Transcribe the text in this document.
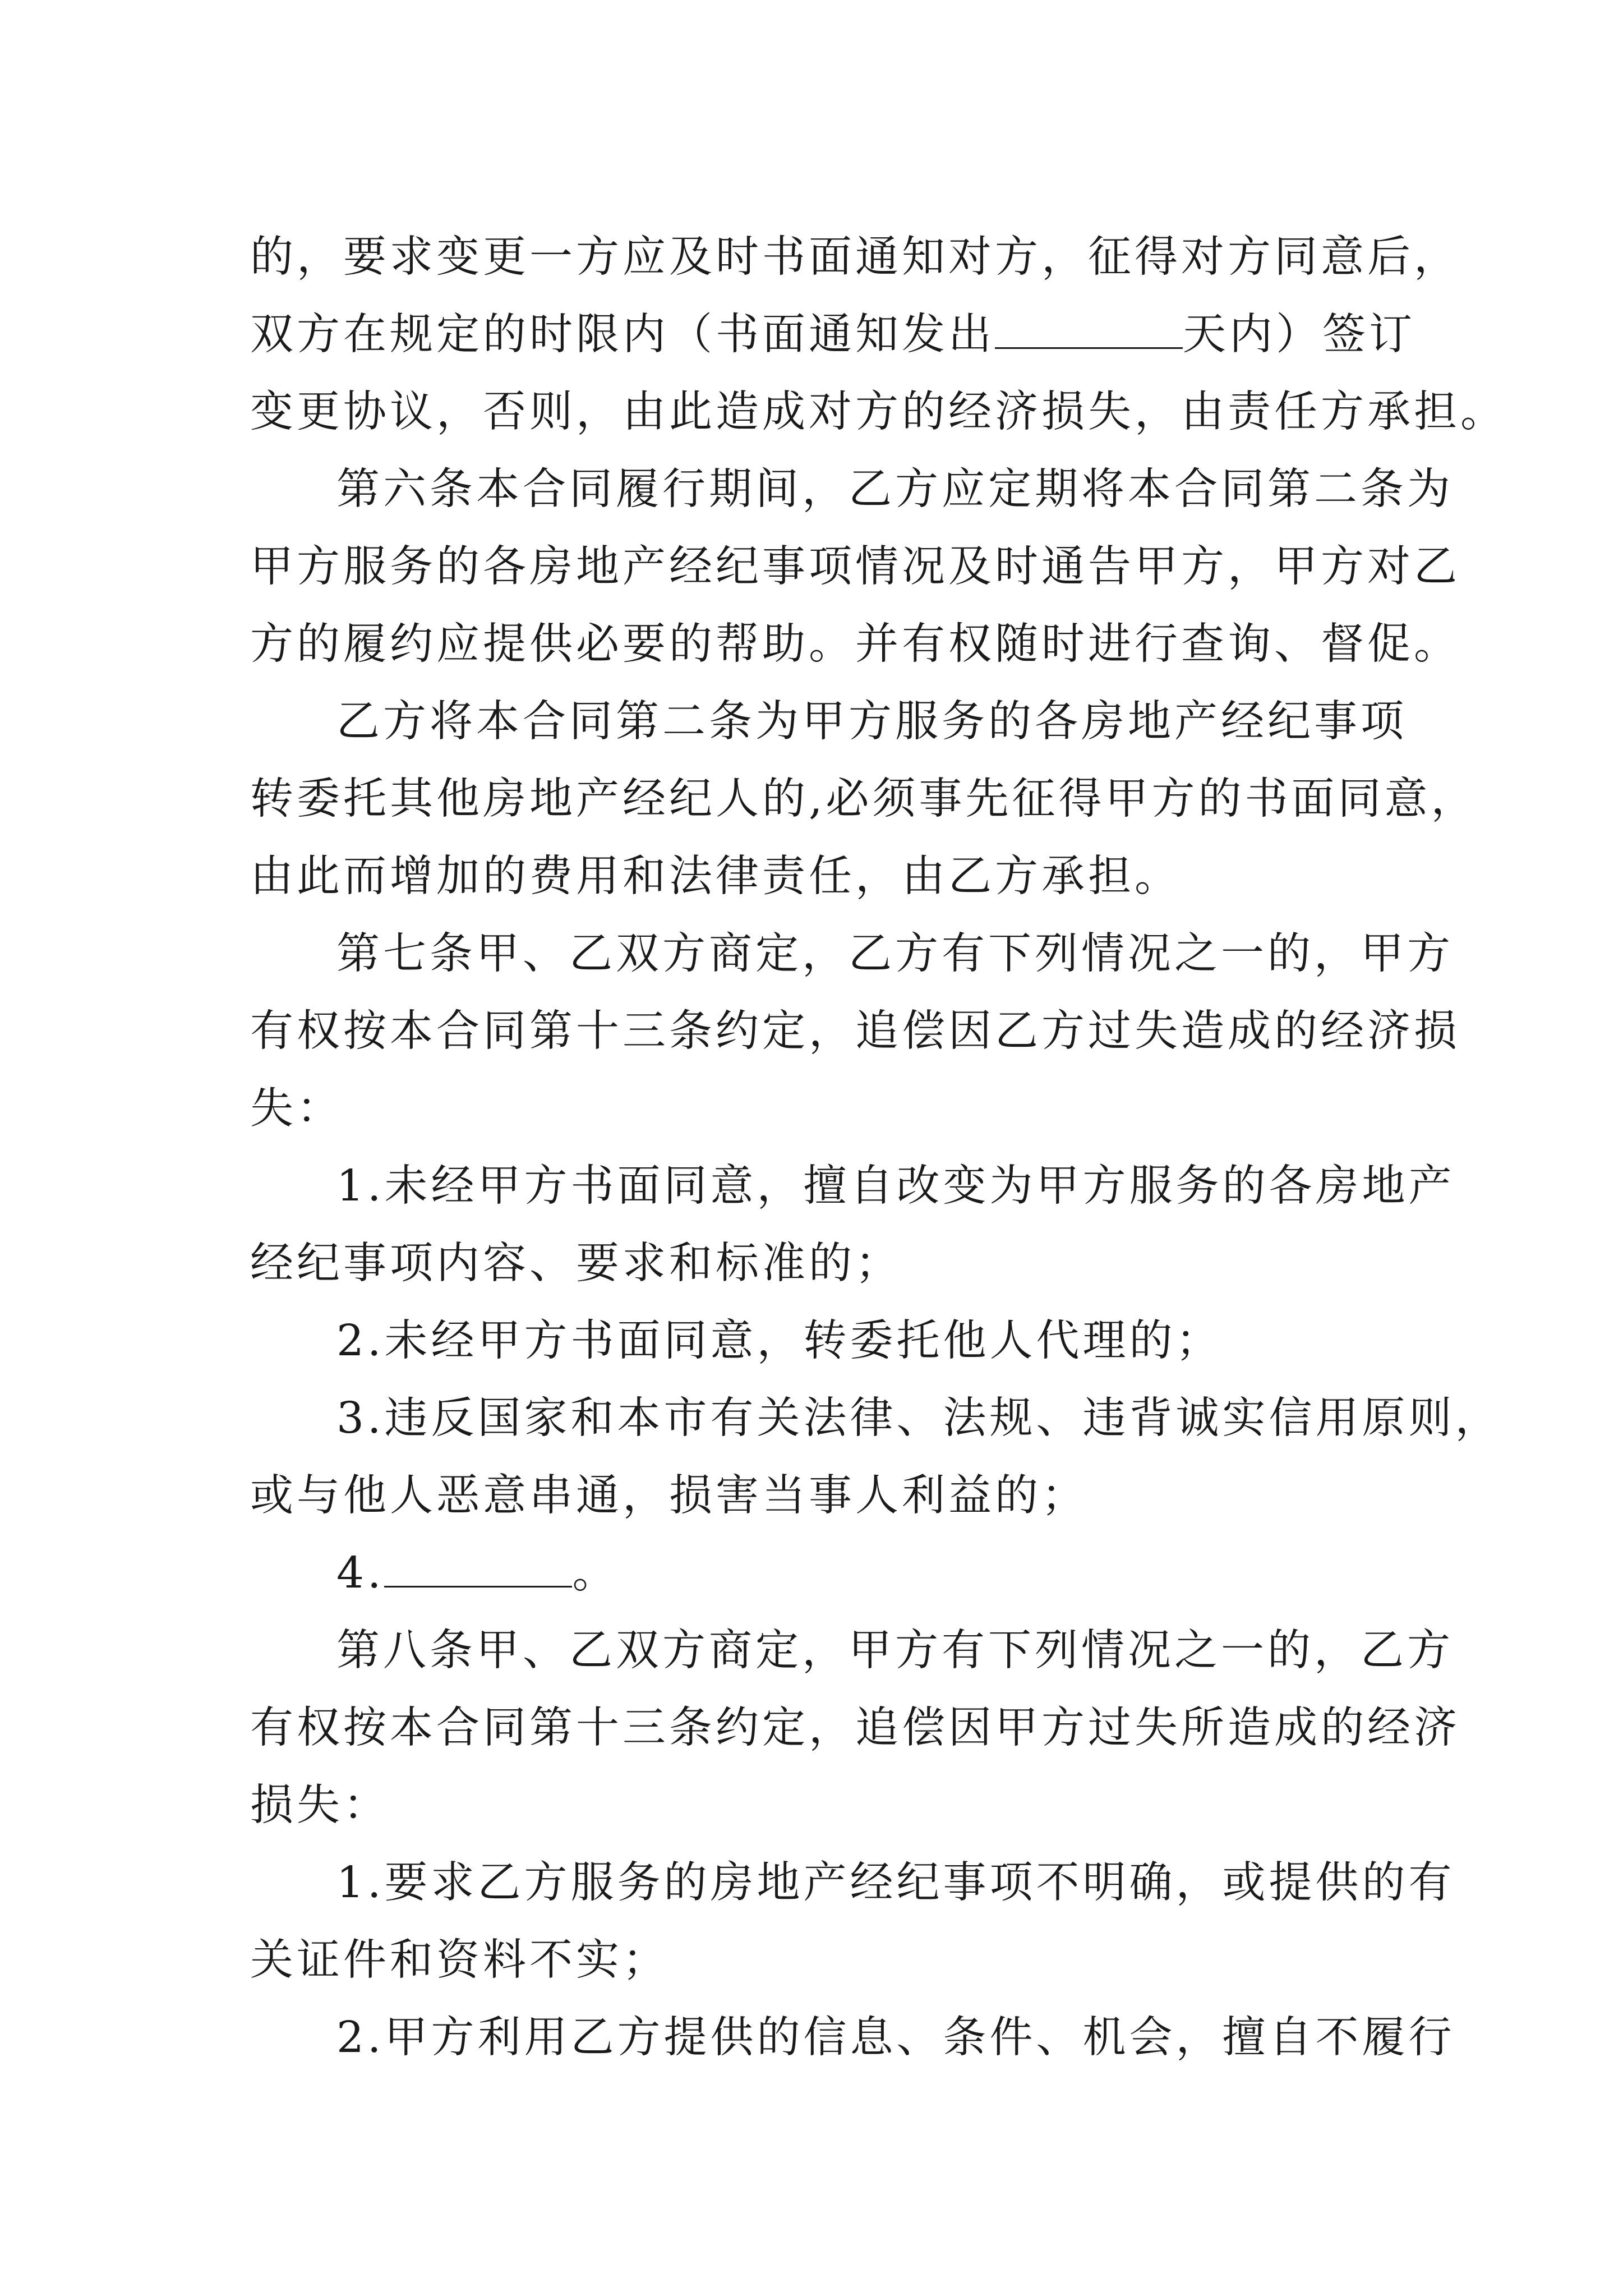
的，要求变更一方应及时书面通知对方，征得对方同意后，
双方在规定的时限内（书面通知发出	天内）签订
变更协议，否则，由此造成对方的经济损失，由责任方承担。
第六条本合同履行期间，乙方应定期将本合同第二条为
甲方服务的各房地产经纪事项情况及时通告甲方，甲方对乙
方的履约应提供必要的帮助。并有权随时进行查询、督促。
乙方将本合同第二条为甲方服务的各房地产经纪事项
转委托其他房地产经纪人的,必须事先征得甲方的书面同意，
由此而增加的费用和法律责任，由乙方承担。
第七条甲、乙双方商定，乙方有下列情况之一的，甲方
有权按本合同第十三条约定，追偿因乙方过失造成的经济损
失：
1.未经甲方书面同意，擅自改变为甲方服务的各房地产
经纪事项内容、要求和标准的；
2.未经甲方书面同意，转委托他人代理的；
3.违反国家和本市有关法律、法规、违背诚实信用原则，
或与他人恶意串通，损害当事人利益的；
4.	。
第八条甲、乙双方商定，甲方有下列情况之一的，乙方
有权按本合同第十三条约定，追偿因甲方过失所造成的经济
损失：
1.要求乙方服务的房地产经纪事项不明确，或提供的有
关证件和资料不实；
2.甲方利用乙方提供的信息、条件、机会，擅自不履行
